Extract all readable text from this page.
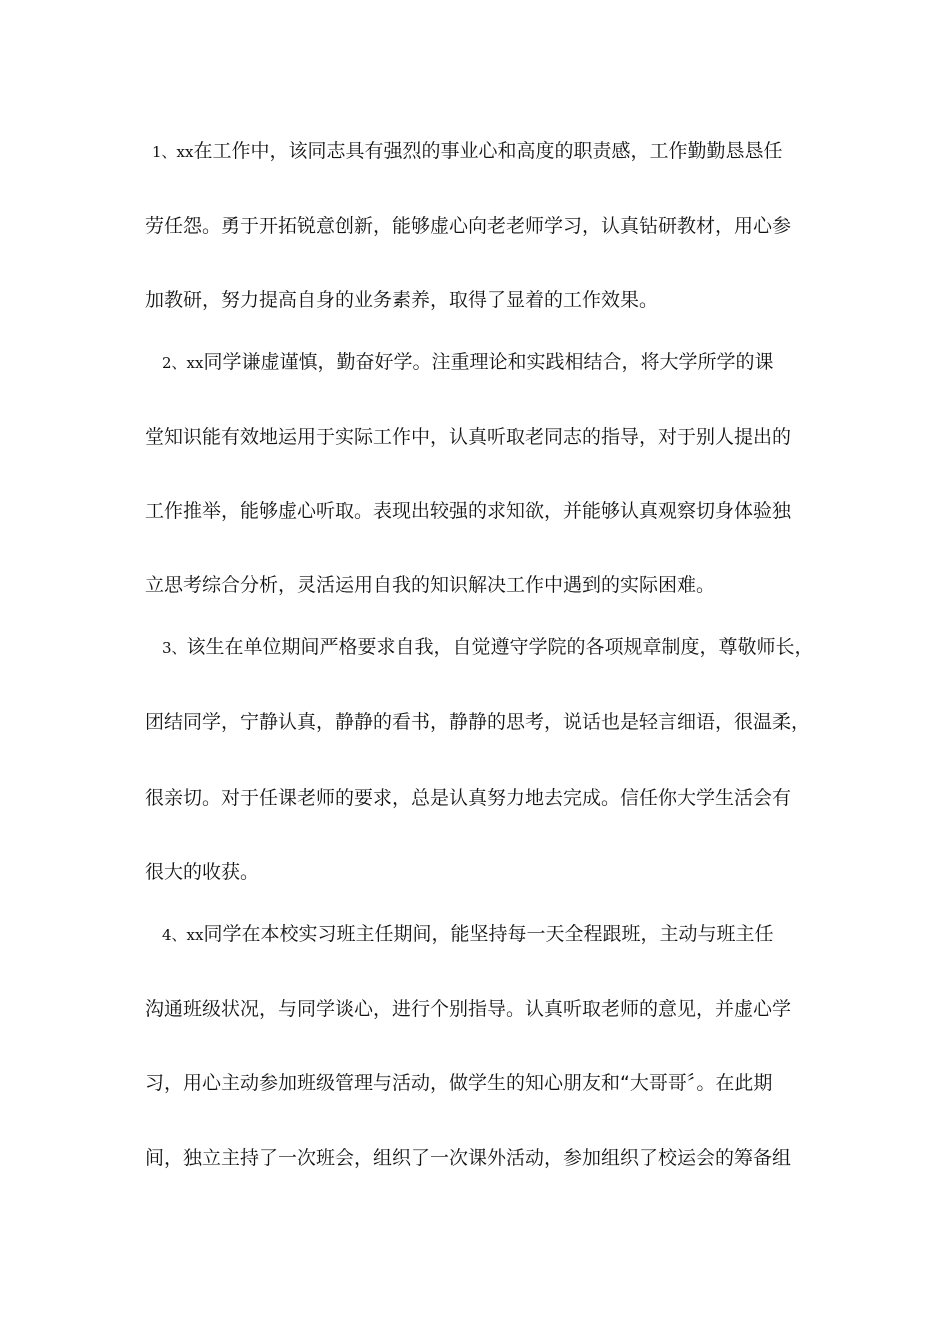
1、xx在工作中，该同志具有强烈的事业心和高度的职责感，工作勤勤恳恳任
劳任怨。勇于开拓锐意创新，能够虚心向老老师学习，认真钻研教材，用心参
加教研，努力提高自身的业务素养，取得了显着的工作效果。
2、xx同学谦虚谨慎，勤奋好学。注重理论和实践相结合，将大学所学的课
堂知识能有效地运用于实际工作中，认真听取老同志的指导，对于别人提出的
工作推举，能够虚心听取。表现出较强的求知欲，并能够认真观察切身体验独
立思考综合分析，灵活运用自我的知识解决工作中遇到的实际困难。
3、该生在单位期间严格要求自我，自觉遵守学院的各项规章制度，尊敬师长，
团结同学，宁静认真，静静的看书，静静的思考，说话也是轻言细语，很温柔，
很亲切。对于任课老师的要求，总是认真努力地去完成。信任你大学生活会有
很大的收获。
4、xx同学在本校实习班主任期间，能坚持每一天全程跟班，主动与班主任
沟通班级状况，与同学谈心，进行个别指导。认真听取老师的意见，并虚心学
习，用心主动参加班级管理与活动，做学生的知心朋友和“大哥哥〞。在此期
间，独立主持了一次班会，组织了一次课外活动，参加组织了校运会的筹备组
